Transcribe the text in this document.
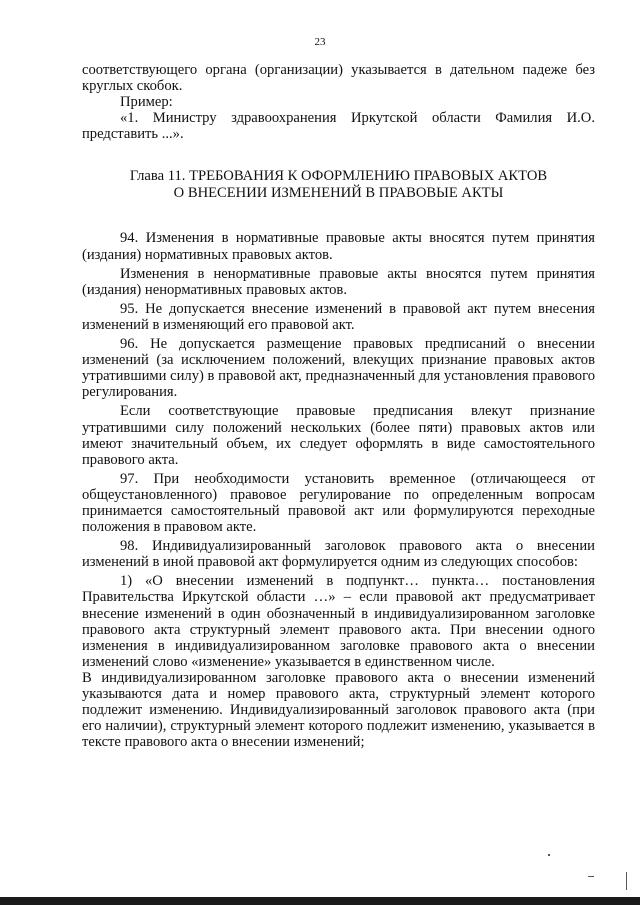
23

соответствующего органа (организации) указывается в дательном падеже без круглых скобок.

Пример:

«1. Министру здравоохранения Иркутской области Фамилия И.О. представить ...».

Глава 11. ТРЕБОВАНИЯ К ОФОРМЛЕНИЮ ПРАВОВЫХ АКТОВ
О ВНЕСЕНИИ ИЗМЕНЕНИЙ В ПРАВОВЫЕ АКТЫ

94. Изменения в нормативные правовые акты вносятся путем принятия (издания) нормативных правовых актов.

Изменения в ненормативные правовые акты вносятся путем принятия (издания) ненормативных правовых актов.

95. Не допускается внесение изменений в правовой акт путем внесения изменений в изменяющий его правовой акт.

96. Не допускается размещение правовых предписаний о внесении изменений (за исключением положений, влекущих признание правовых актов утратившими силу) в правовой акт, предназначенный для установления правового регулирования.

Если соответствующие правовые предписания влекут признание утратившими силу положений нескольких (более пяти) правовых актов или имеют значительный объем, их следует оформлять в виде самостоятельного правового акта.

97. При необходимости установить временное (отличающееся от общеустановленного) правовое регулирование по определенным вопросам принимается самостоятельный правовой акт или формулируются переходные положения в правовом акте.

98. Индивидуализированный заголовок правового акта о внесении изменений в иной правовой акт формулируется одним из следующих способов:

1) «О внесении изменений в подпункт… пункта… постановления Правительства Иркутской области …» – если правовой акт предусматривает внесение изменений в один обозначенный в индивидуализированном заголовке правового акта структурный элемент правового акта. При внесении одного изменения в индивидуализированном заголовке правового акта о внесении изменений слово «изменение» указывается в единственном числе.

В индивидуализированном заголовке правового акта о внесении изменений указываются дата и номер правового акта, структурный элемент которого подлежит изменению. Индивидуализированный заголовок правового акта (при его наличии), структурный элемент которого подлежит изменению, указывается в тексте правового акта о внесении изменений;
